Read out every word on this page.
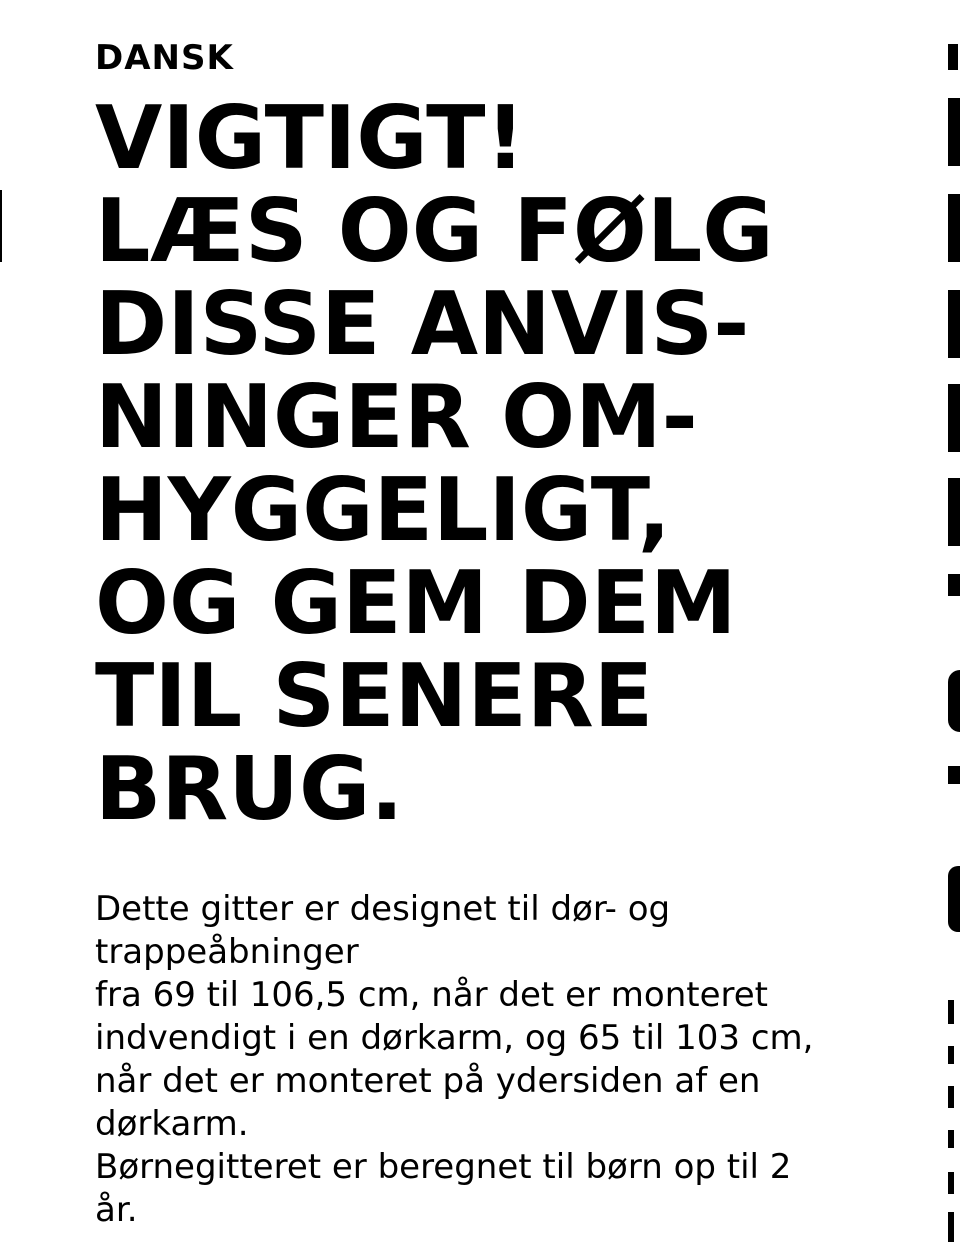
DANSK
VIGTIGT!
LÆS OG FØLG
DISSE ANVIS-
NINGER OM-
HYGGELIGT,
OG GEM DEM
TIL SENERE
BRUG.
Dette gitter er designet til dør- og
trappeåbninger
fra 69 til 106,5 cm, når det er monteret
indvendigt i en dørkarm, og 65 til 103 cm,
når det er monteret på ydersiden af en
dørkarm.
Børnegitteret er beregnet til børn op til 2
år.
